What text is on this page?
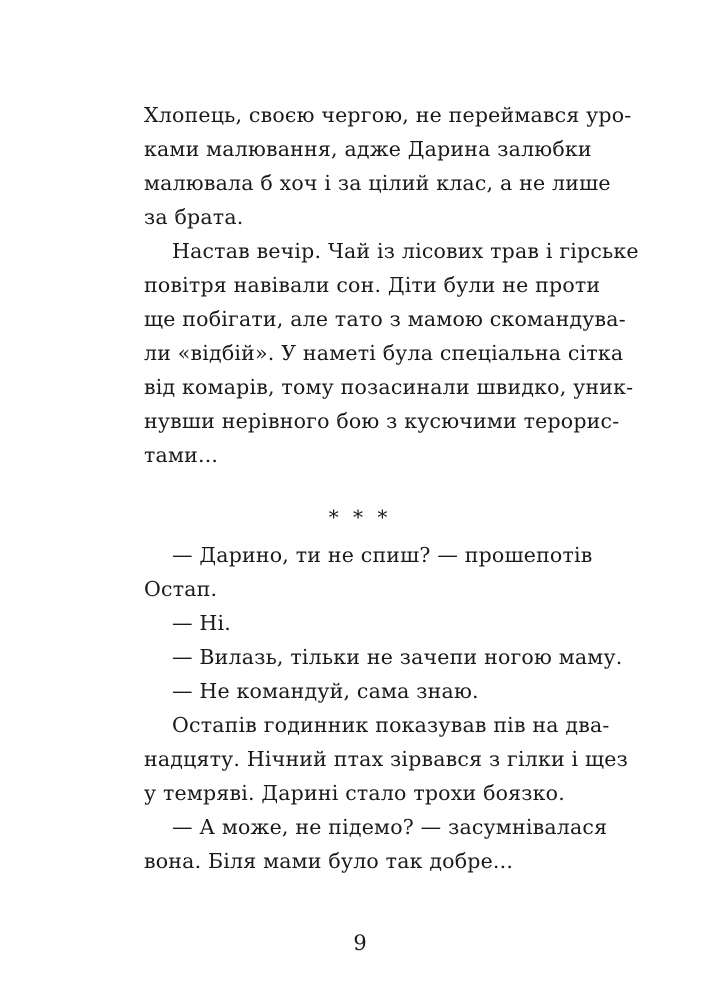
Хлопець, своєю чергою, не переймався уро-
ками малювання, адже Дарина залюбки
малювала б хоч і за цілий клас, а не лише
за брата.
Настав вечір. Чай із лісових трав і гірське
повітря навівали сон. Діти були не проти
ще побігати, але тато з мамою скомандува-
ли «відбій». У наметі була спеціальна сітка
від комарів, тому позасинали швидко, уник-
нувши нерівного бою з кусючими терорис-
тами...
* * *
— Дарино, ти не спиш? — прошепотів
Остап.
— Ні.
— Вилазь, тільки не зачепи ногою маму.
— Не командуй, сама знаю.
Остапів годинник показував пів на два-
надцяту. Нічний птах зірвався з гілки і щез
у темряві. Дарині стало трохи боязко.
— А може, не підемо? — засумнівалася
вона. Біля мами було так добре...
9
